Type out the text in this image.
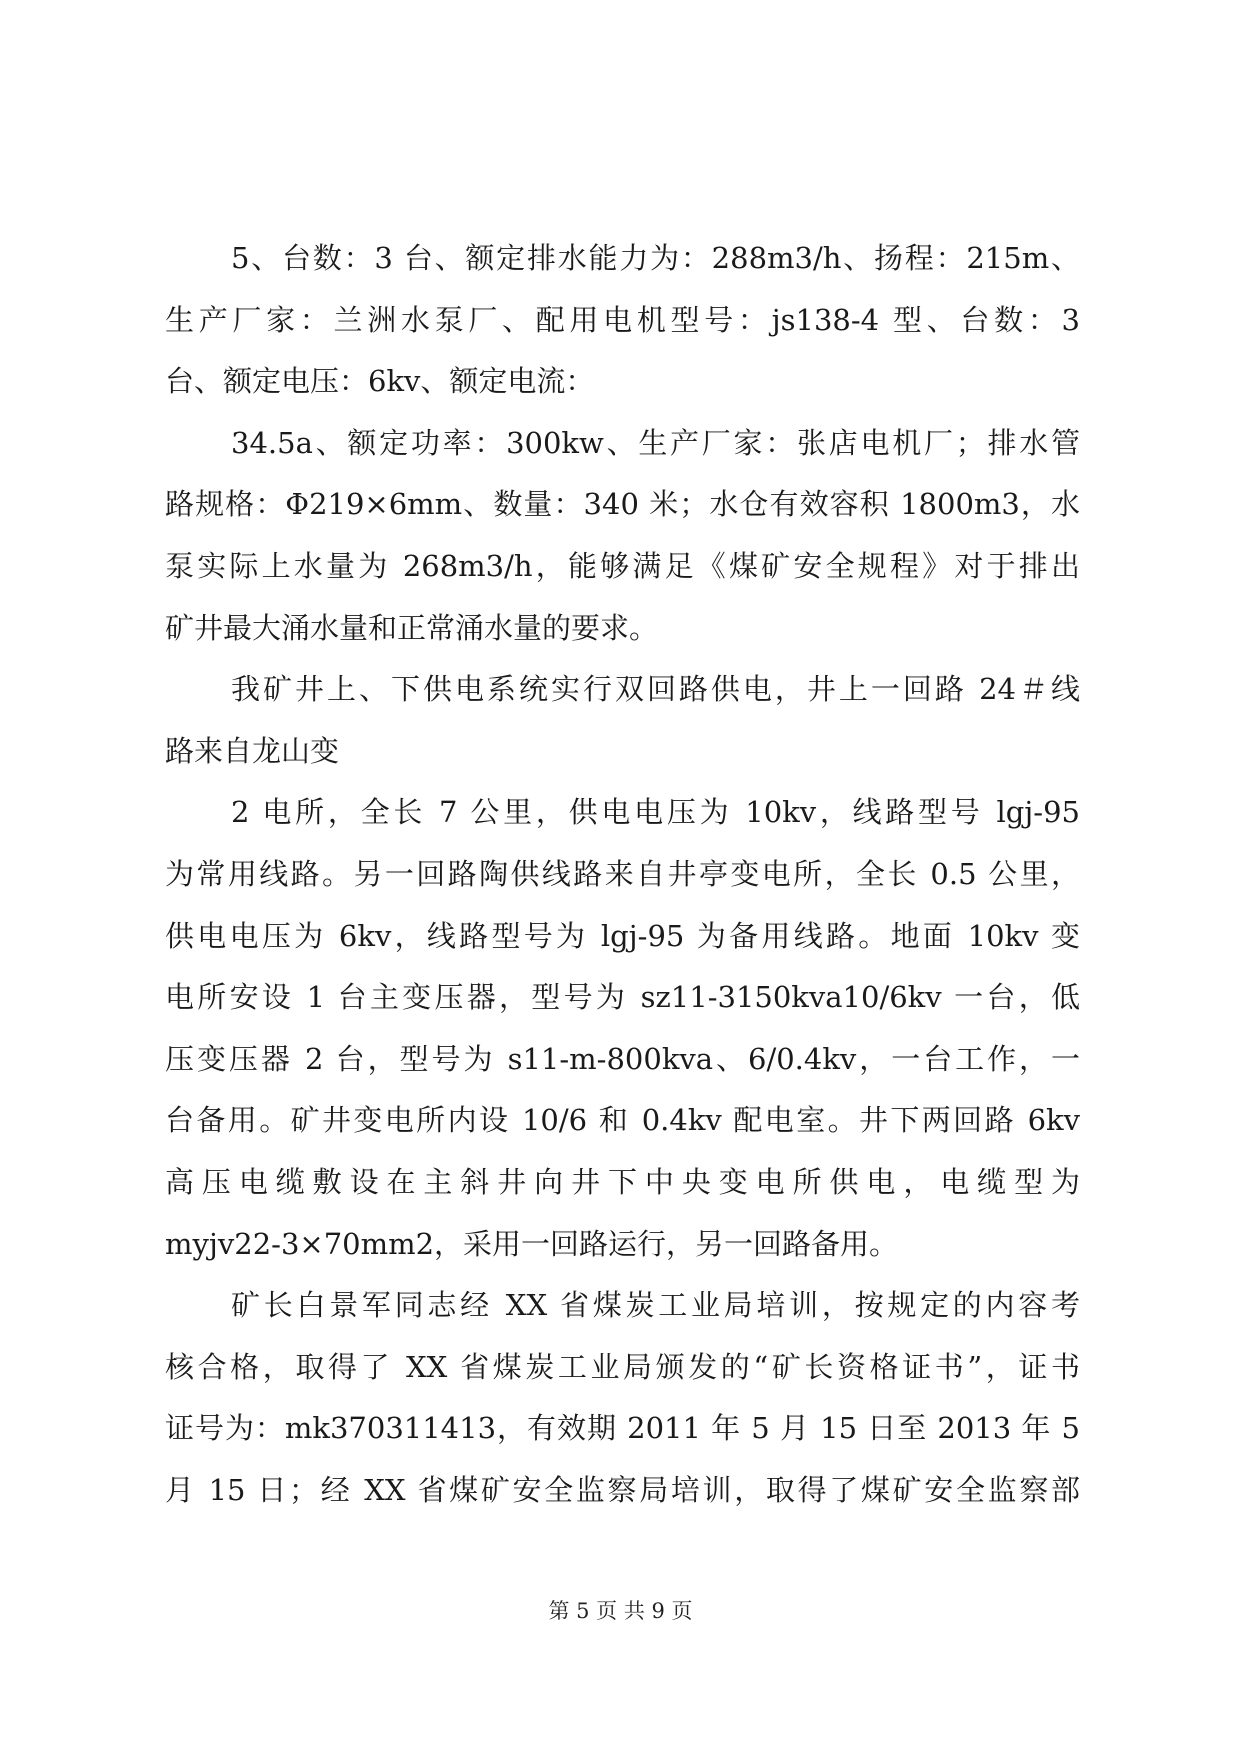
5、台数：3 台、额定排水能力为：288m3/h、扬程：215m、
生产厂家：兰洲水泵厂、配用电机型号：js138-4 型、台数：3
台、额定电压：6kv、额定电流：
34.5a、额定功率：300kw、生产厂家：张店电机厂；排水管
路规格：Φ219×6mm、数量：340 米；水仓有效容积 1800m3，水
泵实际上水量为 268m3/h，能够满足《煤矿安全规程》对于排出
矿井最大涌水量和正常涌水量的要求。
我矿井上、下供电系统实行双回路供电，井上一回路 24＃线
路来自龙山变
2 电所，全长 7 公里，供电电压为 10kv，线路型号 lgj-95
为常用线路。另一回路陶供线路来自井亭变电所，全长 0.5 公里，
供电电压为 6kv，线路型号为 lgj-95 为备用线路。地面 10kv 变
电所安设 1 台主变压器，型号为 sz11-3150kva10/6kv 一台，低
压变压器 2 台，型号为 s11-m-800kva、6/0.4kv，一台工作，一
台备用。矿井变电所内设 10/6 和 0.4kv 配电室。井下两回路 6kv
高压电缆敷设在主斜井向井下中央变电所供电，电缆型为
myjv22-3×70mm2，采用一回路运行，另一回路备用。
矿长白景军同志经 XX 省煤炭工业局培训，按规定的内容考
核合格，取得了 XX 省煤炭工业局颁发的“矿长资格证书”，证书
证号为：mk370311413，有效期 2011 年 5 月 15 日至 2013 年 5
月 15 日；经 XX 省煤矿安全监察局培训，取得了煤矿安全监察部
第 5 页 共 9 页
